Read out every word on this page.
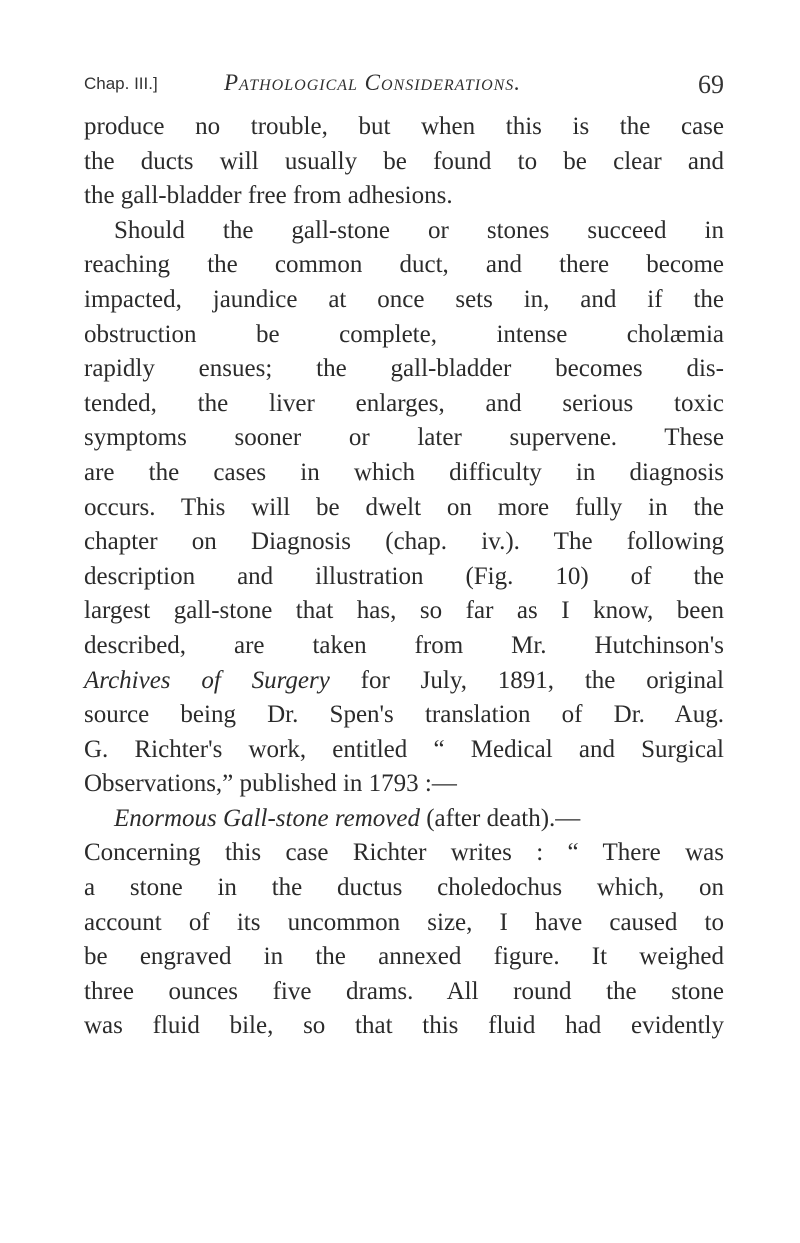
Chap. III.]	Pathological Considerations.	69
produce no trouble, but when this is the case
the ducts will usually be found to be clear and
the gall-bladder free from adhesions.
Should the gall-stone or stones succeed in
reaching the common duct, and there become
impacted, jaundice at once sets in, and if the
obstruction be complete, intense cholæmia
rapidly ensues; the gall-bladder becomes dis-
tended, the liver enlarges, and serious toxic
symptoms sooner or later supervene. These
are the cases in which difficulty in diagnosis
occurs. This will be dwelt on more fully in the
chapter on Diagnosis (chap. iv.). The following
description and illustration (Fig. 10) of the
largest gall-stone that has, so far as I know, been
described, are taken from Mr. Hutchinson's
Archives of Surgery for July, 1891, the original
source being Dr. Spen's translation of Dr. Aug.
G. Richter's work, entitled “ Medical and Surgical
Observations,” published in 1793 :—
Enormous Gall-stone removed (after death).—
Concerning this case Richter writes : “ There was
a stone in the ductus choledochus which, on
account of its uncommon size, I have caused to
be engraved in the annexed figure. It weighed
three ounces five drams. All round the stone
was fluid bile, so that this fluid had evidently
